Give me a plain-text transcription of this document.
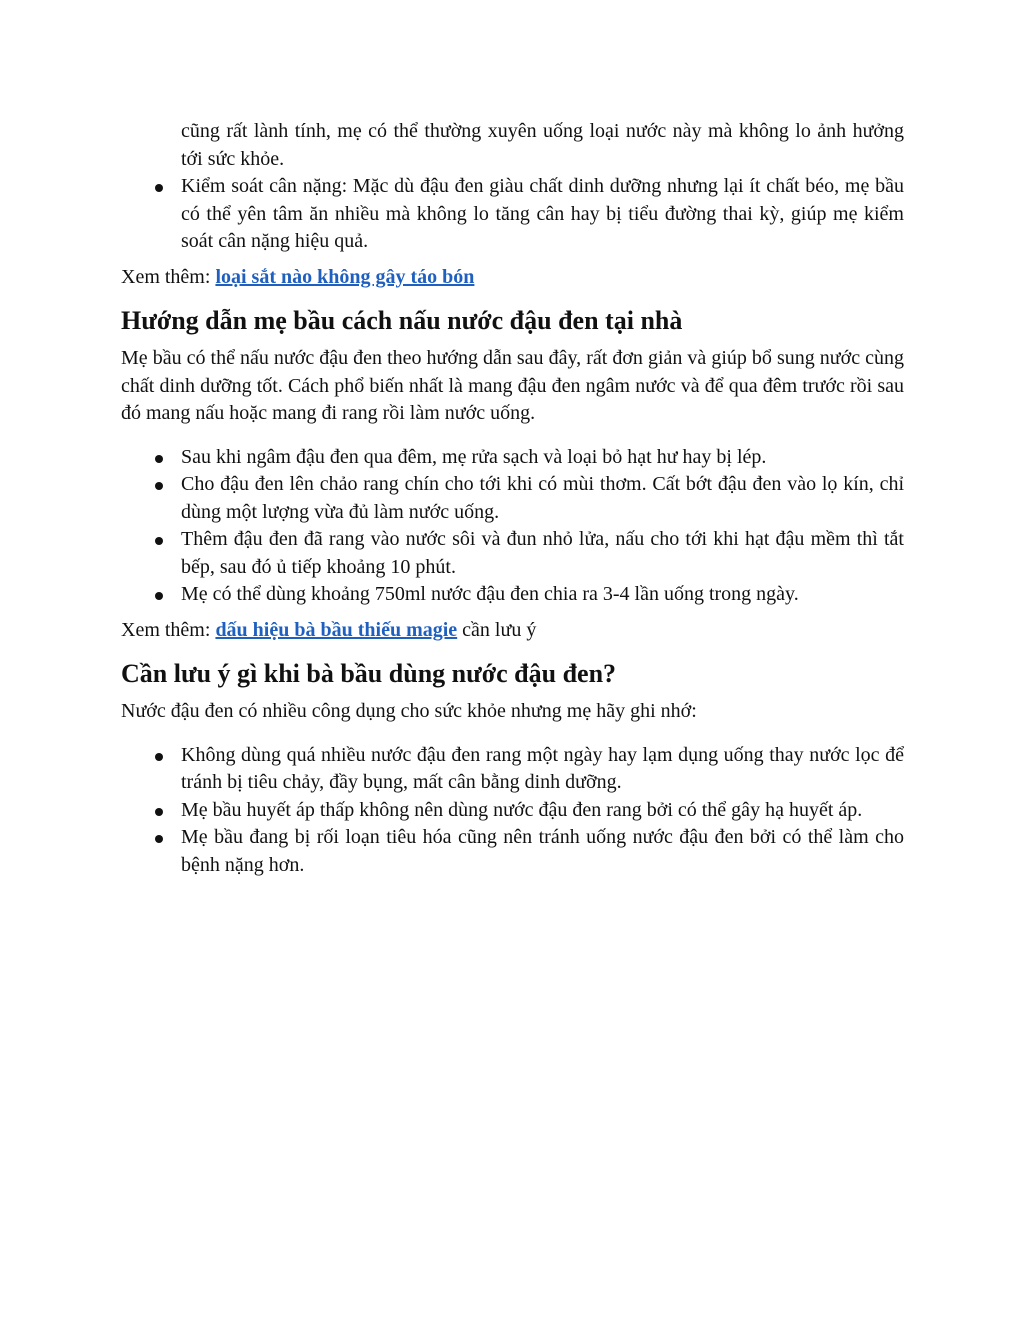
cũng rất lành tính, mẹ có thể thường xuyên uống loại nước này mà không lo ảnh hưởng tới sức khỏe.
Kiểm soát cân nặng: Mặc dù đậu đen giàu chất dinh dưỡng nhưng lại ít chất béo, mẹ bầu có thể yên tâm ăn nhiều mà không lo tăng cân hay bị tiểu đường thai kỳ, giúp mẹ kiểm soát cân nặng hiệu quả.
Xem thêm: loại sắt nào không gây táo bón
Hướng dẫn mẹ bầu cách nấu nước đậu đen tại nhà
Mẹ bầu có thể nấu nước đậu đen theo hướng dẫn sau đây, rất đơn giản và giúp bổ sung nước cùng chất dinh dưỡng tốt. Cách phổ biến nhất là mang đậu đen ngâm nước và để qua đêm trước rồi sau đó mang nấu hoặc mang đi rang rồi làm nước uống.
Sau khi ngâm đậu đen qua đêm, mẹ rửa sạch và loại bỏ hạt hư hay bị lép.
Cho đậu đen lên chảo rang chín cho tới khi có mùi thơm. Cất bớt đậu đen vào lọ kín, chỉ dùng một lượng vừa đủ làm nước uống.
Thêm đậu đen đã rang vào nước sôi và đun nhỏ lửa, nấu cho tới khi hạt đậu mềm thì tắt bếp, sau đó ủ tiếp khoảng 10 phút.
Mẹ có thể dùng khoảng 750ml nước đậu đen chia ra 3-4 lần uống trong ngày.
Xem thêm: dấu hiệu bà bầu thiếu magie cần lưu ý
Cần lưu ý gì khi bà bầu dùng nước đậu đen?
Nước đậu đen có nhiều công dụng cho sức khỏe nhưng mẹ hãy ghi nhớ:
Không dùng quá nhiều nước đậu đen rang một ngày hay lạm dụng uống thay nước lọc để tránh bị tiêu chảy, đầy bụng, mất cân bằng dinh dưỡng.
Mẹ bầu huyết áp thấp không nên dùng nước đậu đen rang bởi có thể gây hạ huyết áp.
Mẹ bầu đang bị rối loạn tiêu hóa cũng nên tránh uống nước đậu đen bởi có thể làm cho bệnh nặng hơn.
